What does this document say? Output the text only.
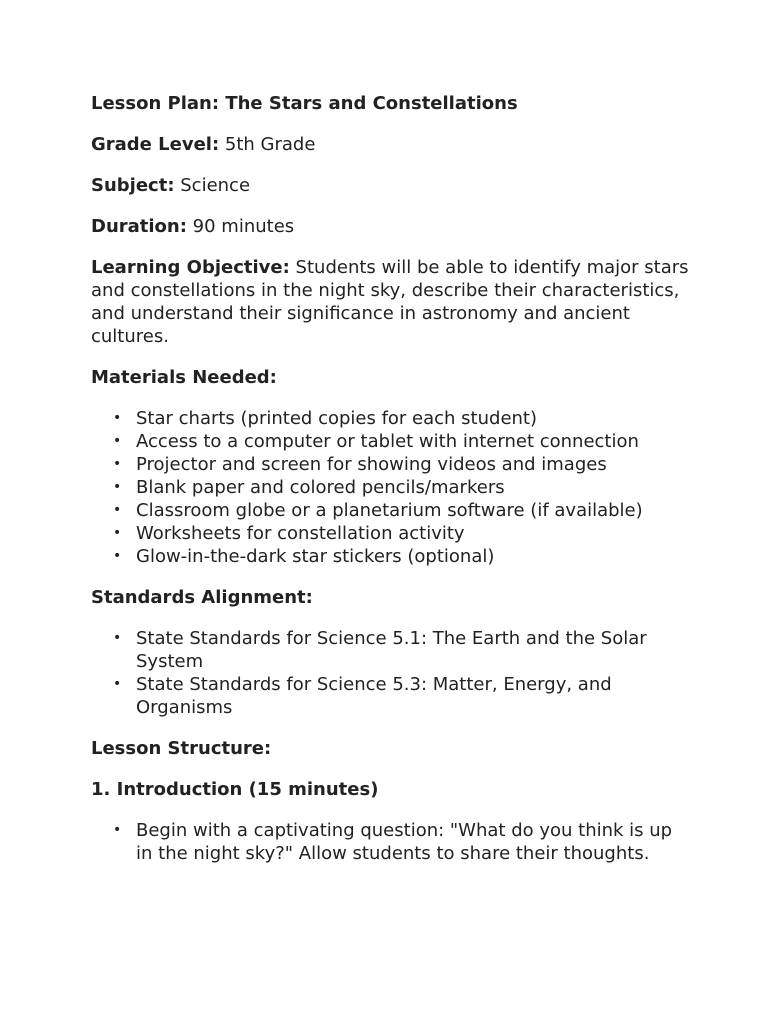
Lesson Plan: The Stars and Constellations

Grade Level: 5th Grade

Subject: Science

Duration: 90 minutes

Learning Objective: Students will be able to identify major stars and constellations in the night sky, describe their characteristics, and understand their significance in astronomy and ancient cultures.

Materials Needed:

• Star charts (printed copies for each student)
• Access to a computer or tablet with internet connection
• Projector and screen for showing videos and images
• Blank paper and colored pencils/markers
• Classroom globe or a planetarium software (if available)
• Worksheets for constellation activity
• Glow-in-the-dark star stickers (optional)

Standards Alignment:

• State Standards for Science 5.1: The Earth and the Solar System
• State Standards for Science 5.3: Matter, Energy, and Organisms

Lesson Structure:

1. Introduction (15 minutes)

• Begin with a captivating question: "What do you think is up in the night sky?" Allow students to share their thoughts.
